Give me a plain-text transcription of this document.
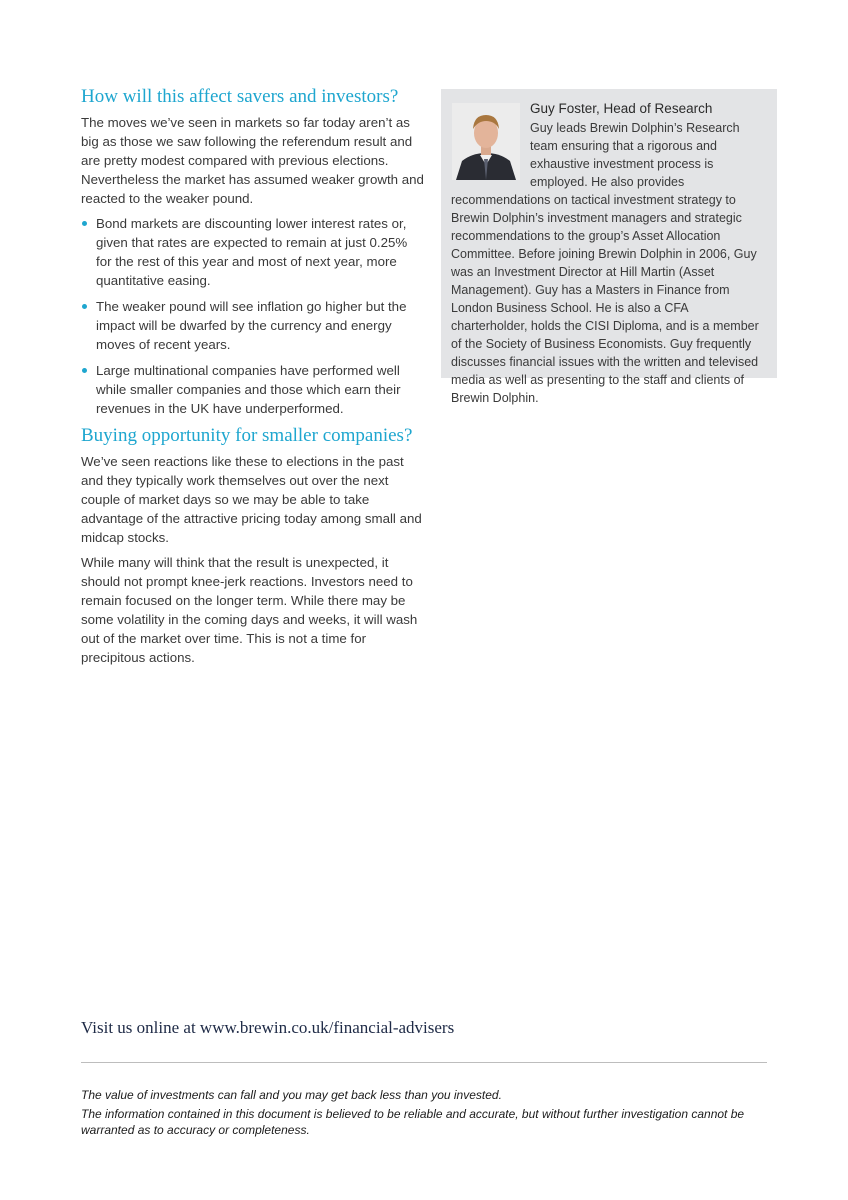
How will this affect savers and investors?

The moves we’ve seen in markets so far today aren’t as big as those we saw following the referendum result and are pretty modest compared with previous elections. Nevertheless the market has assumed weaker growth and reacted to the weaker pound.

Bond markets are discounting lower interest rates or, given that rates are expected to remain at just 0.25% for the rest of this year and most of next year, more quantitative easing.
The weaker pound will see inflation go higher but the impact will be dwarfed by the currency and energy moves of recent years.
Large multinational companies have performed well while smaller companies and those which earn their revenues in the UK have underperformed.
Buying opportunity for smaller companies?

We’ve seen reactions like these to elections in the past and they typically work themselves out over the next couple of market days so we may be able to take advantage of the attractive pricing today among small and midcap stocks.

While many will think that the result is unexpected, it should not prompt knee-jerk reactions. Investors need to remain focused on the longer term. While there may be some volatility in the coming days and weeks, it will wash out of the market over time. This is not a time for precipitous actions.

Guy Foster, Head of Research

Guy leads Brewin Dolphin’s Research team ensuring that a rigorous and exhaustive investment process is employed. He also provides recommendations on tactical investment strategy to Brewin Dolphin’s investment managers and strategic recommendations to the group’s Asset Allocation Committee. Before joining Brewin Dolphin in 2006, Guy was an Investment Director at Hill Martin (Asset Management). Guy has a Masters in Finance from London Business School. He is also a CFA charterholder, holds the CISI Diploma, and is a member of the Society of Business Economists. Guy frequently discusses financial issues with the written and televised media as well as presenting to the staff and clients of Brewin Dolphin.

Visit us online at www.brewin.co.uk/financial-advisers

The value of investments can fall and you may get back less than you invested.

The information contained in this document is believed to be reliable and accurate, but without further investigation cannot be warranted as to accuracy or completeness.
